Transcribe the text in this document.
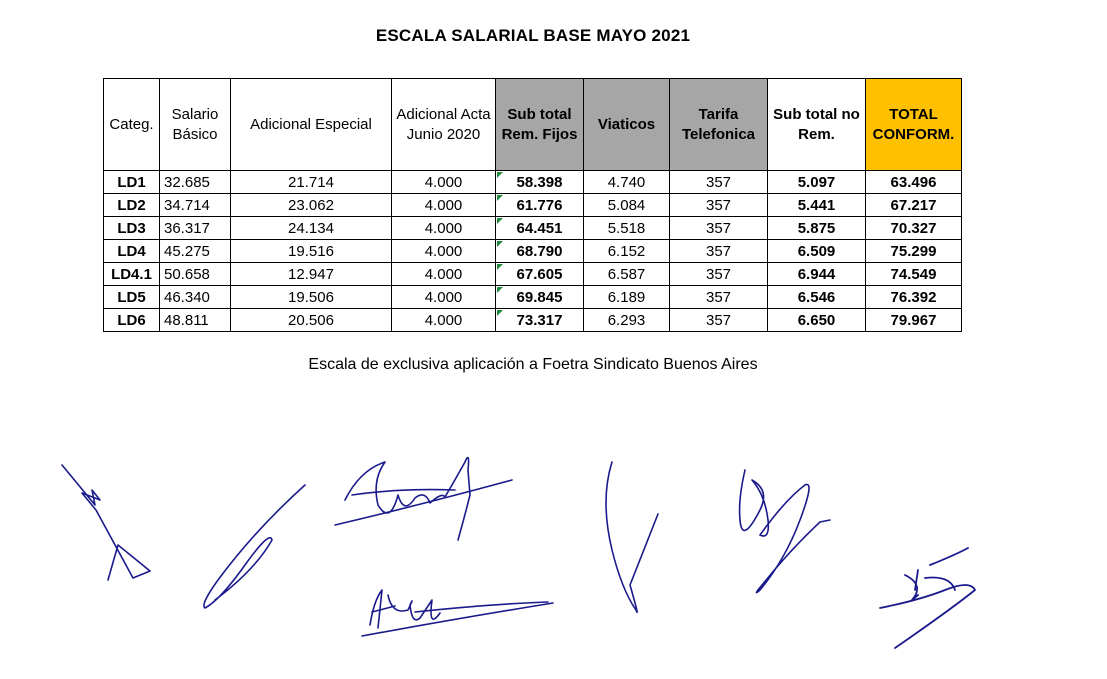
ESCALA SALARIAL BASE MAYO 2021
Categ.	Salario Básico	Adicional Especial	Adicional Acta Junio 2020	Sub total Rem. Fijos	Viaticos	Tarifa Telefonica	Sub total no Rem.	TOTAL CONFORM.
LD1	32.685	21.714	4.000	58.398	4.740	357	5.097	63.496
LD2	34.714	23.062	4.000	61.776	5.084	357	5.441	67.217
LD3	36.317	24.134	4.000	64.451	5.518	357	5.875	70.327
LD4	45.275	19.516	4.000	68.790	6.152	357	6.509	75.299
LD4.1	50.658	12.947	4.000	67.605	6.587	357	6.944	74.549
LD5	46.340	19.506	4.000	69.845	6.189	357	6.546	76.392
LD6	48.811	20.506	4.000	73.317	6.293	357	6.650	79.967
Escala de exclusiva aplicación a Foetra Sindicato Buenos Aires
